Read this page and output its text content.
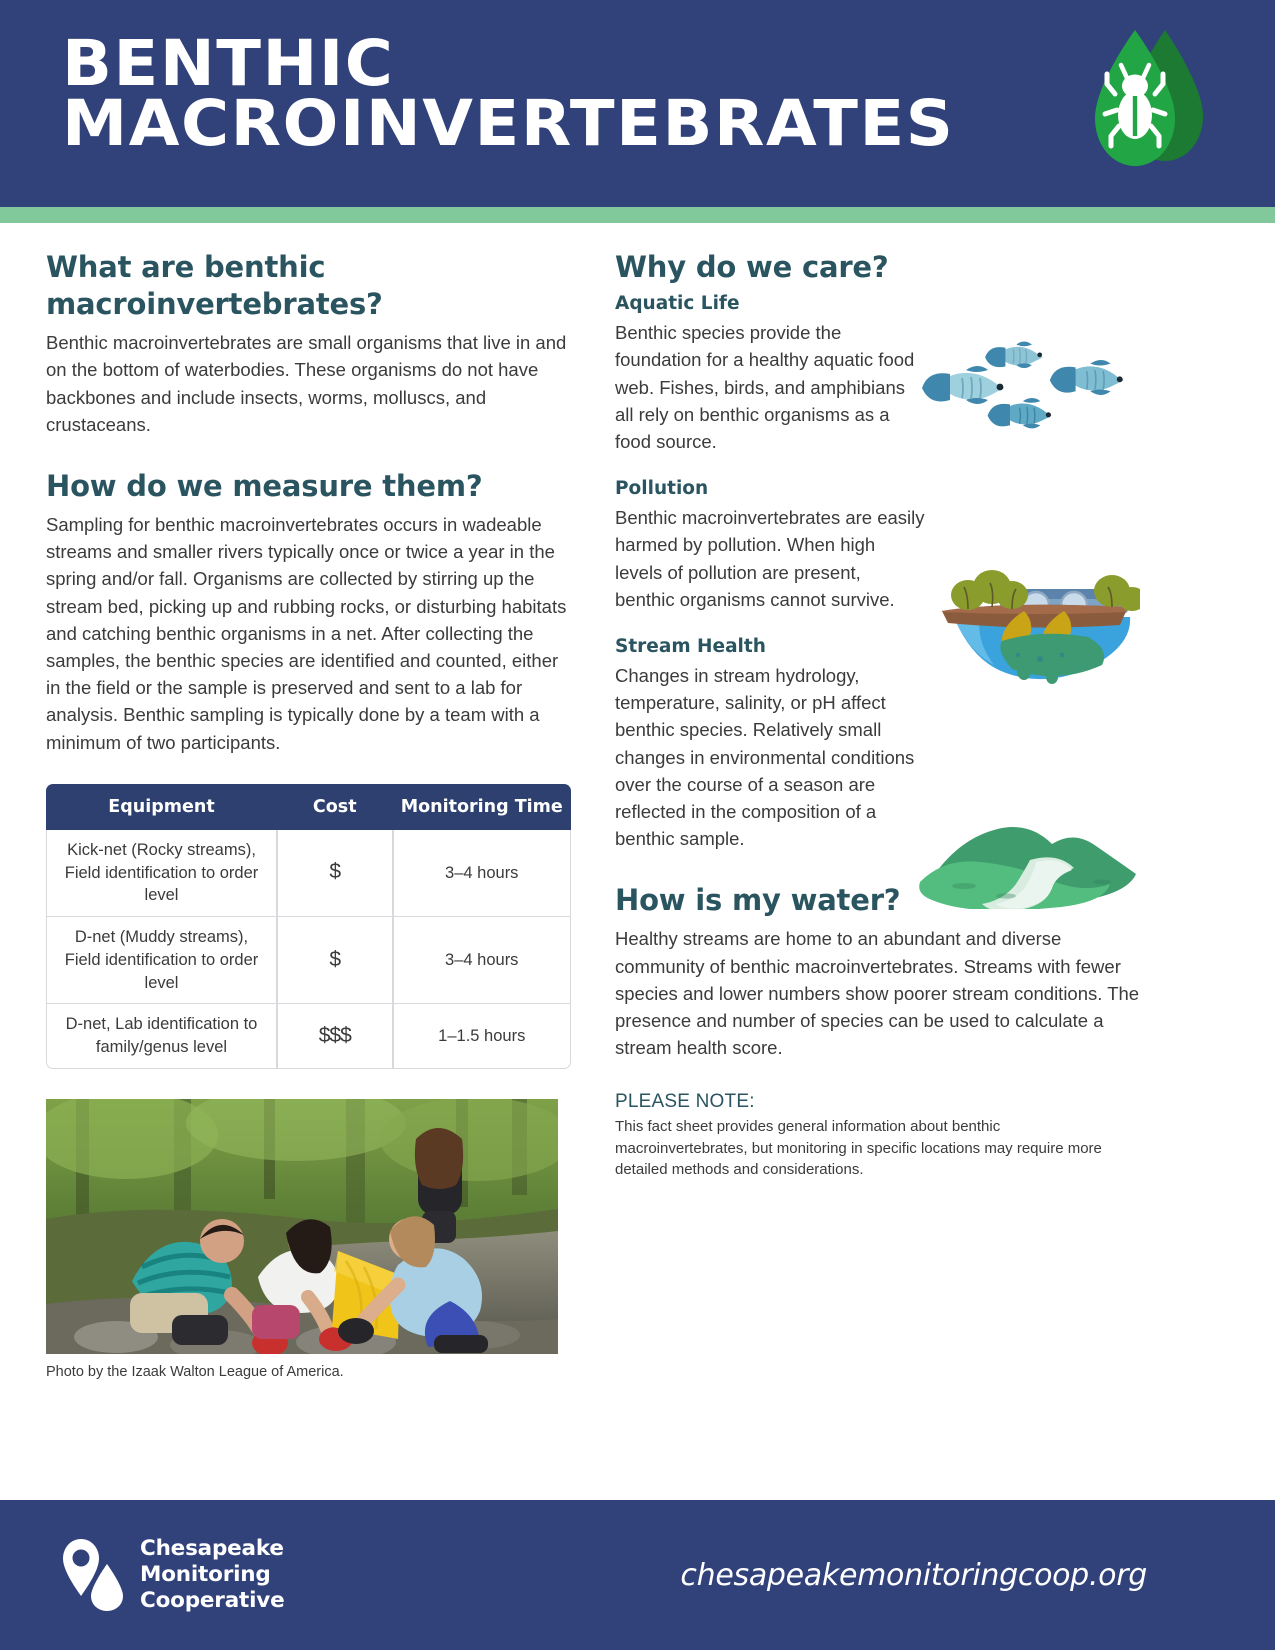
BENTHIC
MACROINVERTEBRATES
What are benthic macroinvertebrates?

Benthic macroinvertebrates are small organisms that live in and on the bottom of waterbodies. These organisms do not have backbones and include insects, worms, molluscs, and crustaceans.

How do we measure them?

Sampling for benthic macroinvertebrates occurs in wadeable streams and smaller rivers typically once or twice a year in the spring and/or fall. Organisms are collected by stirring up the stream bed, picking up and rubbing rocks, or disturbing habitats and catching benthic organisms in a net. After collecting the samples, the benthic species are identified and counted, either in the field or the sample is preserved and sent to a lab for analysis. Benthic sampling is typically done by a team with a minimum of two participants.

Equipment	Cost	Monitoring Time
Kick-net (Rocky streams), Field identification to order level	$	3–4 hours
D-net (Muddy streams), Field identification to order level	$	3–4 hours
D-net, Lab identification to family/genus level	$$$	1–1.5 hours
Photo by the Izaak Walton League of America.
Why do we care?
Aquatic Life

Benthic species provide the foundation for a healthy aquatic food web. Fishes, birds, and amphibians all rely on benthic organisms as a food source.

Pollution

Benthic macroinvertebrates are easily harmed by pollution. When high levels of pollution are present, benthic organisms cannot survive.

Stream Health

Changes in stream hydrology, temperature, salinity, or pH affect benthic species. Relatively small changes in environmental conditions over the course of a season are reflected in the composition of a benthic sample.

How is my water?

Healthy streams are home to an abundant and diverse community of benthic macroinvertebrates. Streams with fewer species and lower numbers show poorer stream conditions. The presence and number of species can be used to calculate a stream health score.

PLEASE NOTE:
This fact sheet provides general information about benthic macroinvertebrates, but monitoring in specific locations may require more detailed methods and considerations.
Chesapeake
Monitoring
Cooperative
chesapeakemonitoringcoop.org
